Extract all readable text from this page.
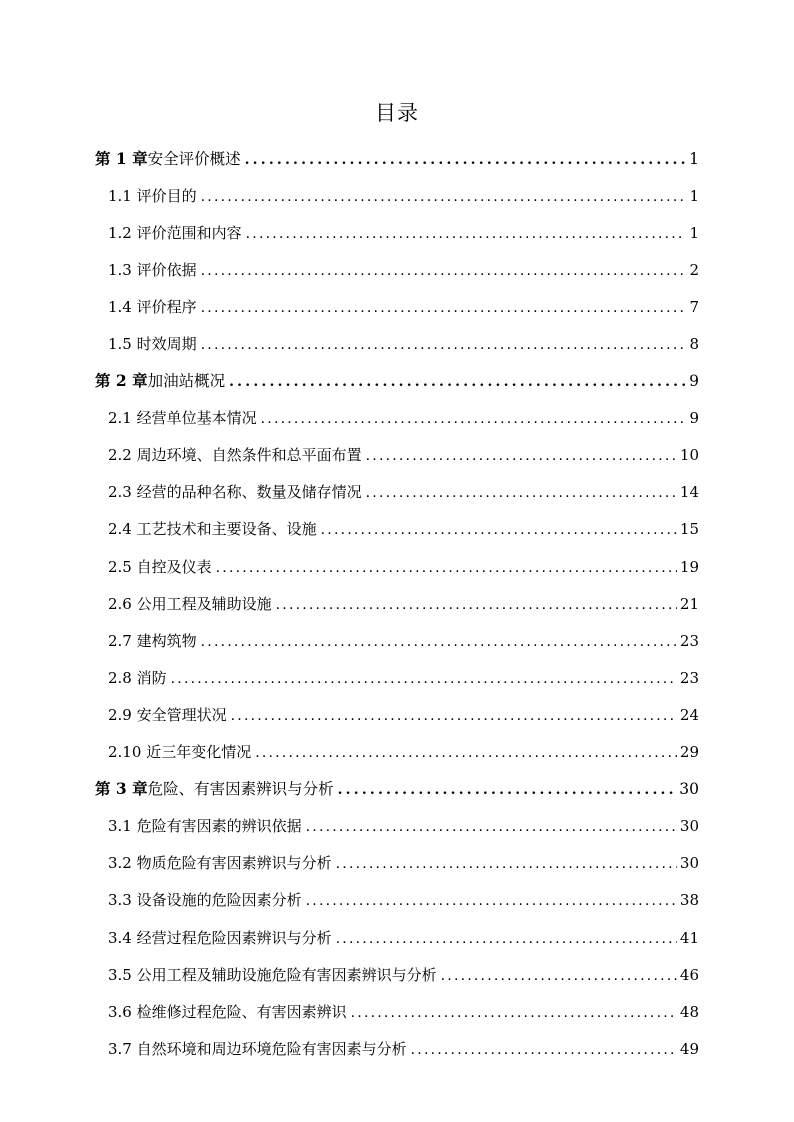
目录
第 1 章安全评价概述 .....	1
1.1 评价目的 .....	1
1.2 评价范围和内容 .....	1
1.3 评价依据 .....	2
1.4 评价程序 .....	7
1.5 时效周期 .....	8
第 2 章加油站概况 .....	9
2.1 经营单位基本情况 .....	9
2.2 周边环境、自然条件和总平面布置 .....	10
2.3 经营的品种名称、数量及储存情况 .....	14
2.4 工艺技术和主要设备、设施 .....	15
2.5 自控及仪表 .....	19
2.6 公用工程及辅助设施 .....	21
2.7 建构筑物 .....	23
2.8 消防 .....	23
2.9 安全管理状况 .....	24
2.10 近三年变化情况 .....	29
第 3 章危险、有害因素辨识与分析 .....	30
3.1 危险有害因素的辨识依据 .....	30
3.2 物质危险有害因素辨识与分析 .....	30
3.3 设备设施的危险因素分析 .....	38
3.4 经营过程危险因素辨识与分析 .....	41
3.5 公用工程及辅助设施危险有害因素辨识与分析 .....	46
3.6 检维修过程危险、有害因素辨识 .....	48
3.7 自然环境和周边环境危险有害因素与分析 .....	49
